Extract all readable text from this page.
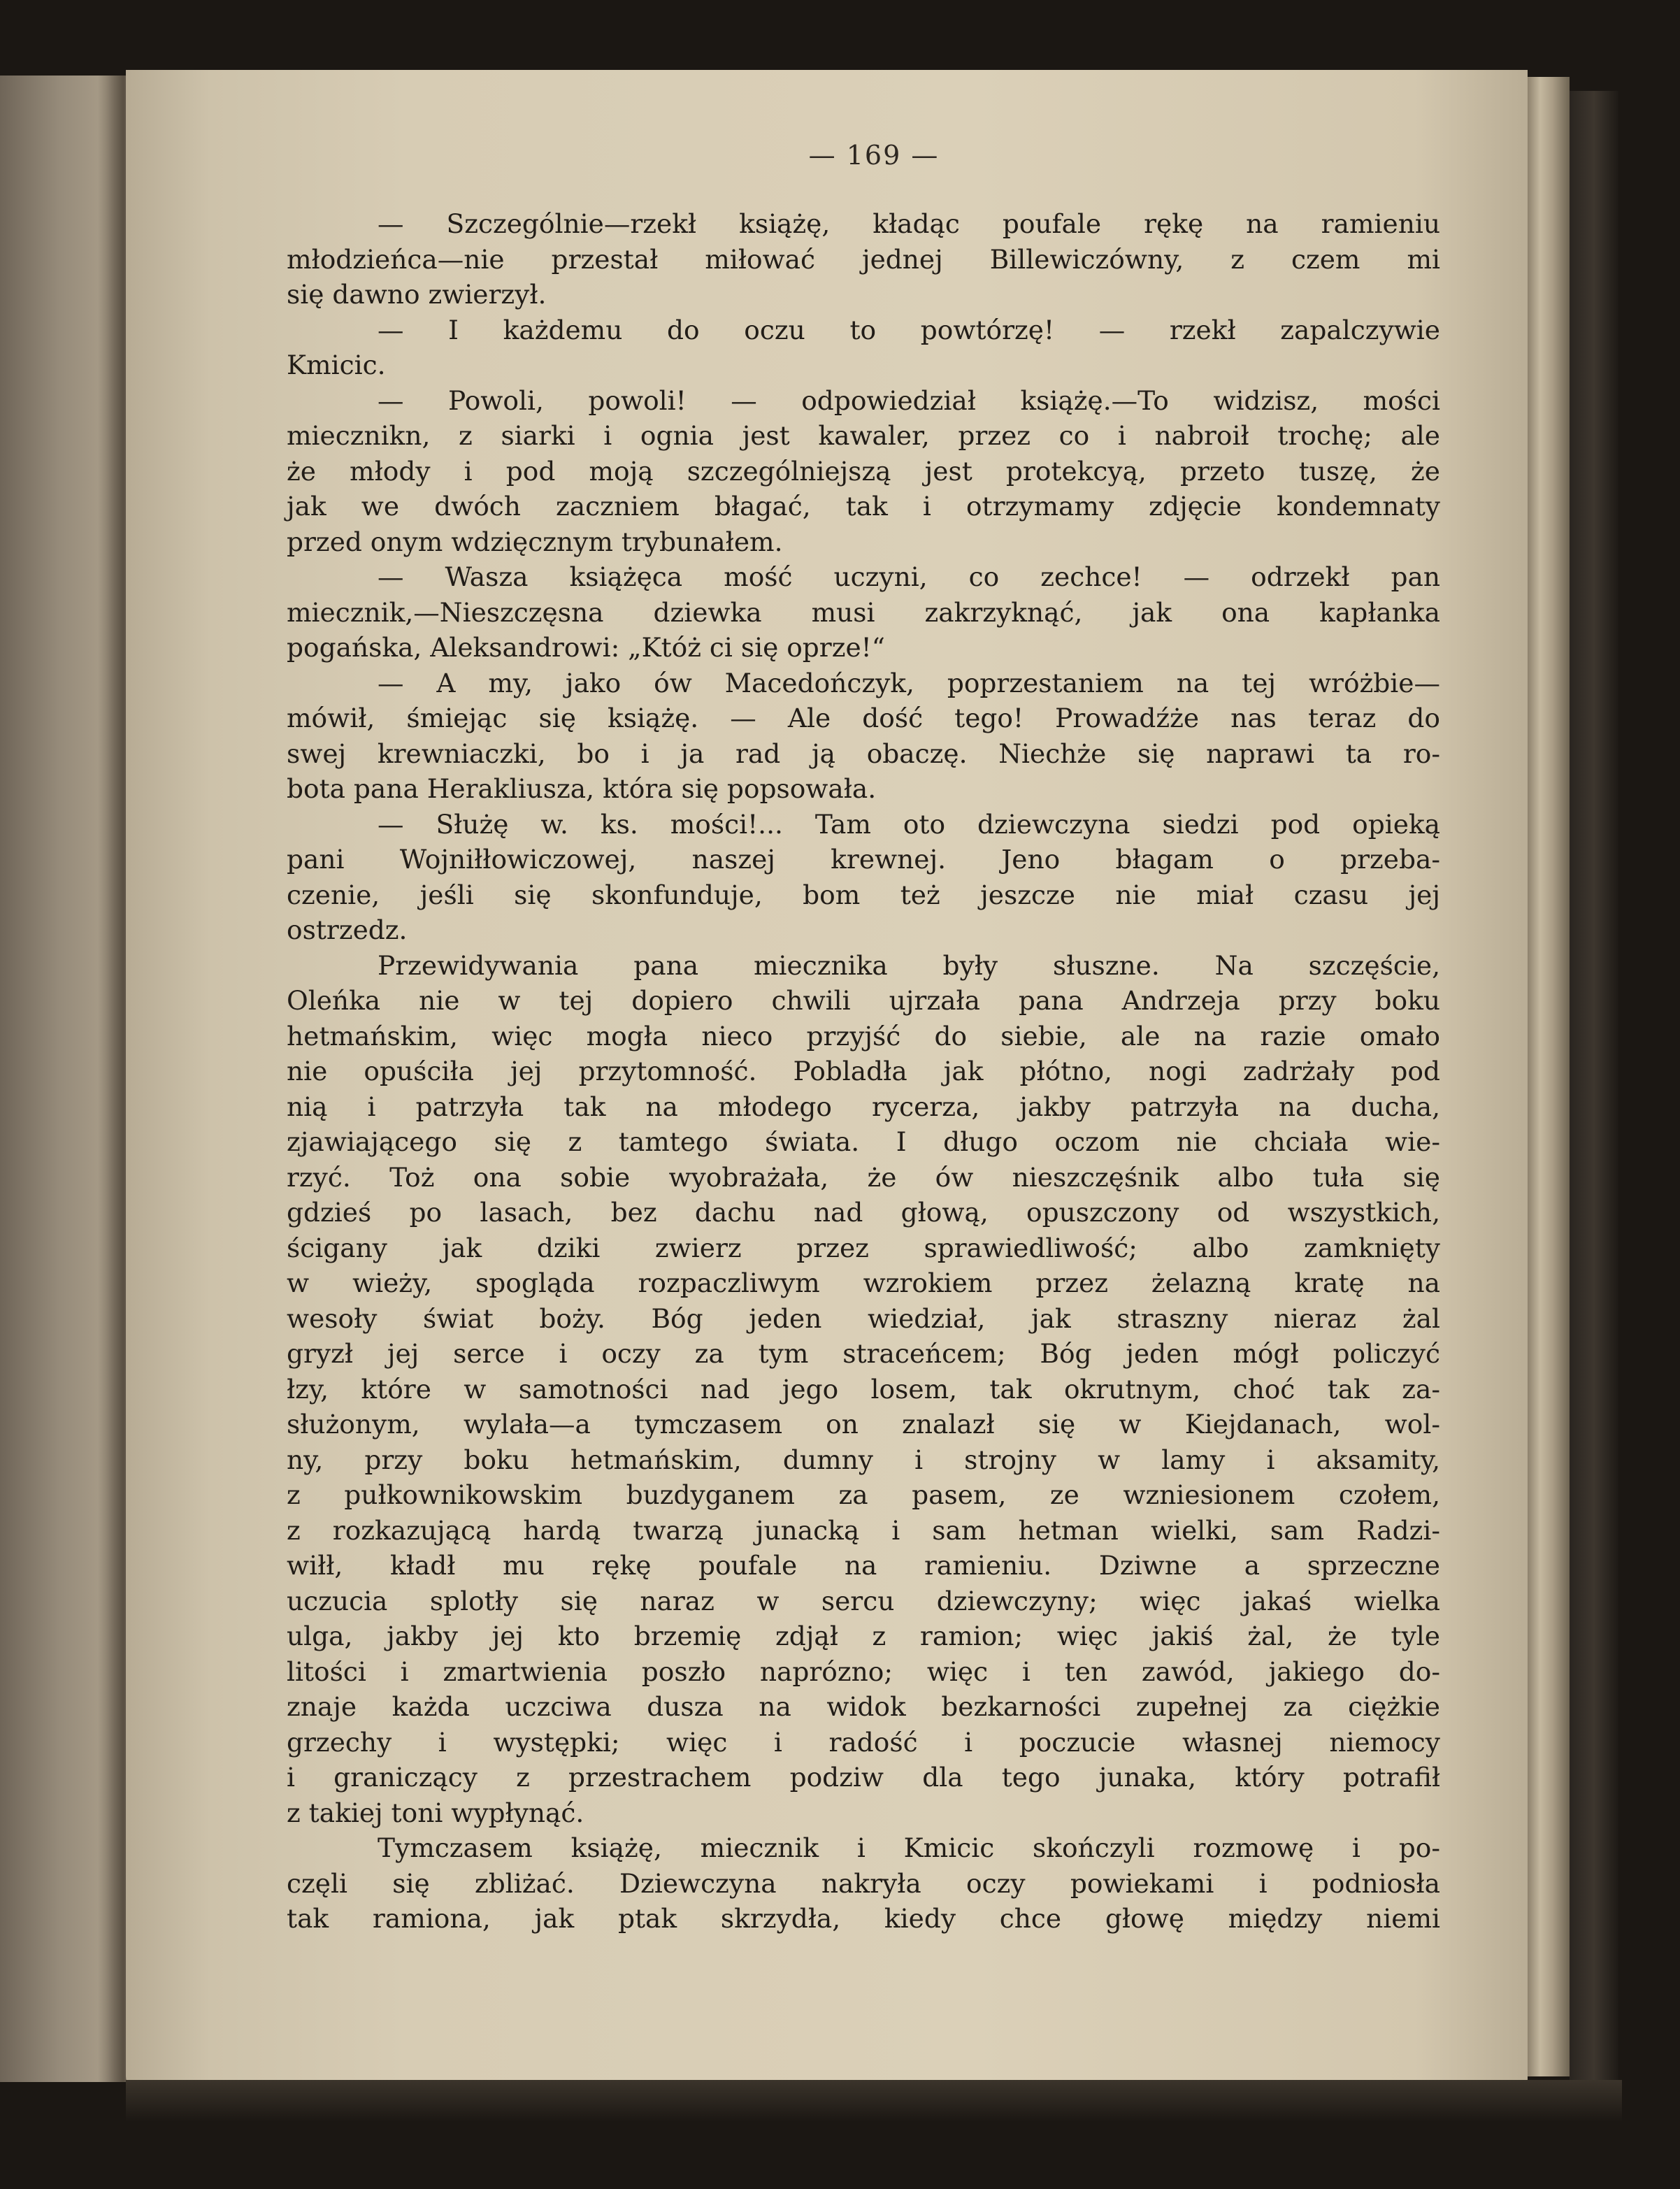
— 169 —
— Szczególnie—rzekł książę, kładąc poufale rękę na ramieniu
młodzieńca—nie przestał miłować jednej Billewiczówny, z czem mi
się dawno zwierzył.
— I każdemu do oczu to powtórzę! — rzekł zapalczywie
Kmicic.
— Powoli, powoli! — odpowiedział książę.—To widzisz, mości
miecznikn, z siarki i ognia jest kawaler, przez co i nabroił trochę; ale
że młody i pod moją szczególniejszą jest protekcyą, przeto tuszę, że
jak we dwóch zaczniem błagać, tak i otrzymamy zdjęcie kondemnaty
przed onym wdzięcznym trybunałem.
— Wasza książęca mość uczyni, co zechce! — odrzekł pan
miecznik,—Nieszczęsna dziewka musi zakrzyknąć, jak ona kapłanka
pogańska, Aleksandrowi: „Któż ci się oprze!“
— A my, jako ów Macedończyk, poprzestaniem na tej wróżbie—
mówił, śmiejąc się książę. — Ale dość tego! Prowadźże nas teraz do
swej krewniaczki, bo i ja rad ją obaczę. Niechże się naprawi ta ro-
bota pana Herakliusza, która się popsowała.
— Służę w. ks. mości!... Tam oto dziewczyna siedzi pod opieką
pani Wojniłłowiczowej, naszej krewnej. Jeno błagam o przeba-
czenie, jeśli się skonfunduje, bom też jeszcze nie miał czasu jej
ostrzedz.
Przewidywania pana miecznika były słuszne. Na szczęście,
Oleńka nie w tej dopiero chwili ujrzała pana Andrzeja przy boku
hetmańskim, więc mogła nieco przyjść do siebie, ale na razie omało
nie opuściła jej przytomność. Pobladła jak płótno, nogi zadrżały pod
nią i patrzyła tak na młodego rycerza, jakby patrzyła na ducha,
zjawiającego się z tamtego świata. I długo oczom nie chciała wie-
rzyć. Toż ona sobie wyobrażała, że ów nieszczęśnik albo tuła się
gdzieś po lasach, bez dachu nad głową, opuszczony od wszystkich,
ścigany jak dziki zwierz przez sprawiedliwość; albo zamknięty
w wieży, spogląda rozpaczliwym wzrokiem przez żelazną kratę na
wesoły świat boży. Bóg jeden wiedział, jak straszny nieraz żal
gryzł jej serce i oczy za tym straceńcem; Bóg jeden mógł policzyć
łzy, które w samotności nad jego losem, tak okrutnym, choć tak za-
służonym, wylała—a tymczasem on znalazł się w Kiejdanach, wol-
ny, przy boku hetmańskim, dumny i strojny w lamy i aksamity,
z pułkownikowskim buzdyganem za pasem, ze wzniesionem czołem,
z rozkazującą hardą twarzą junacką i sam hetman wielki, sam Radzi-
wiłł, kładł mu rękę poufale na ramieniu. Dziwne a sprzeczne
uczucia splotły się naraz w sercu dziewczyny; więc jakaś wielka
ulga, jakby jej kto brzemię zdjął z ramion; więc jakiś żal, że tyle
litości i zmartwienia poszło naprózno; więc i ten zawód, jakiego do-
znaje każda uczciwa dusza na widok bezkarności zupełnej za ciężkie
grzechy i występki; więc i radość i poczucie własnej niemocy
i graniczący z przestrachem podziw dla tego junaka, który potrafił
z takiej toni wypłynąć.
Tymczasem książę, miecznik i Kmicic skończyli rozmowę i po-
częli się zbliżać. Dziewczyna nakryła oczy powiekami i podniosła
tak ramiona, jak ptak skrzydła, kiedy chce głowę między niemi
